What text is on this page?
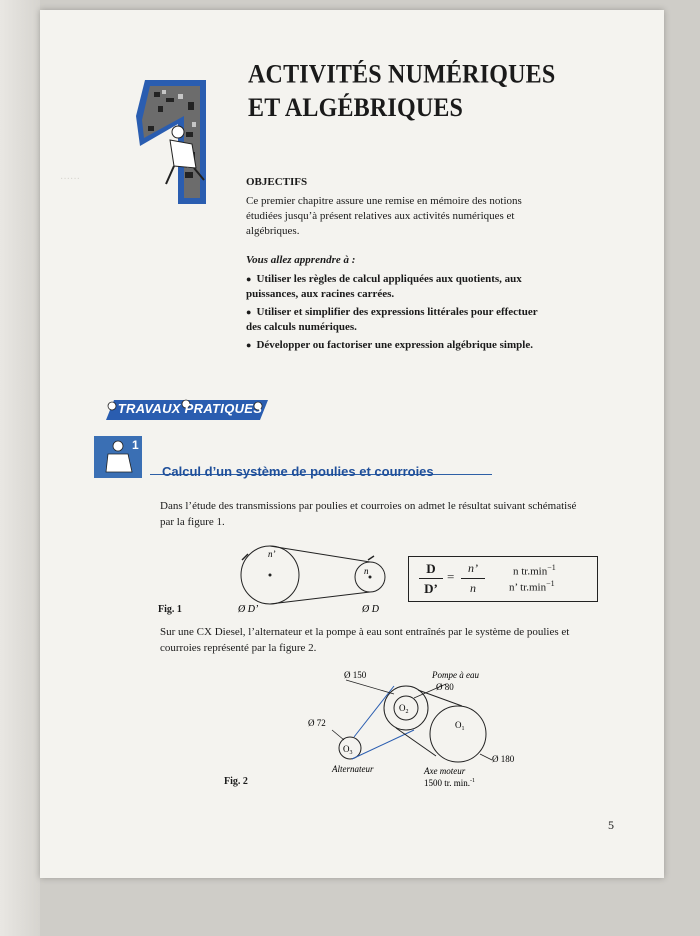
······
ACTIVITÉS NUMÉRIQUES
ET ALGÉBRIQUES
OBJECTIFS
Ce premier chapitre assure une remise en mémoire des notions étudiées jusqu’à présent relatives aux activités numériques et algébriques.
Vous allez apprendre à :
● Utiliser les règles de calcul appliquées aux quotients, aux puissances, aux racines carrées.
● Utiliser et simplifier des expressions littérales pour effectuer des calculs numériques.
● Développer ou factoriser une expression algébrique simple.
TRAVAUX PRATIQUES
1
Calcul d’un système de poulies et courroies
Dans l’étude des transmissions par poulies et courroies on admet le résultat suivant schématisé par la figure 1.
n’
n
Ø D’	Ø D
Fig. 1
D
D’
=
n’
n
n $tr.\min^{-1}$
n’ $tr.\min^{-1}$
Sur une CX Diesel, l’alternateur et la pompe à eau sont entraînés par le système de poulies et courroies représenté par la figure 2.
Ø 150	Pompe à eau
Ø 80
Ø 72
$O_2$
$O_1$
$O_3$
Ø 180
Alternateur	Axe moteur
1500 tr. min.$^{-1}$
Fig. 2
5
